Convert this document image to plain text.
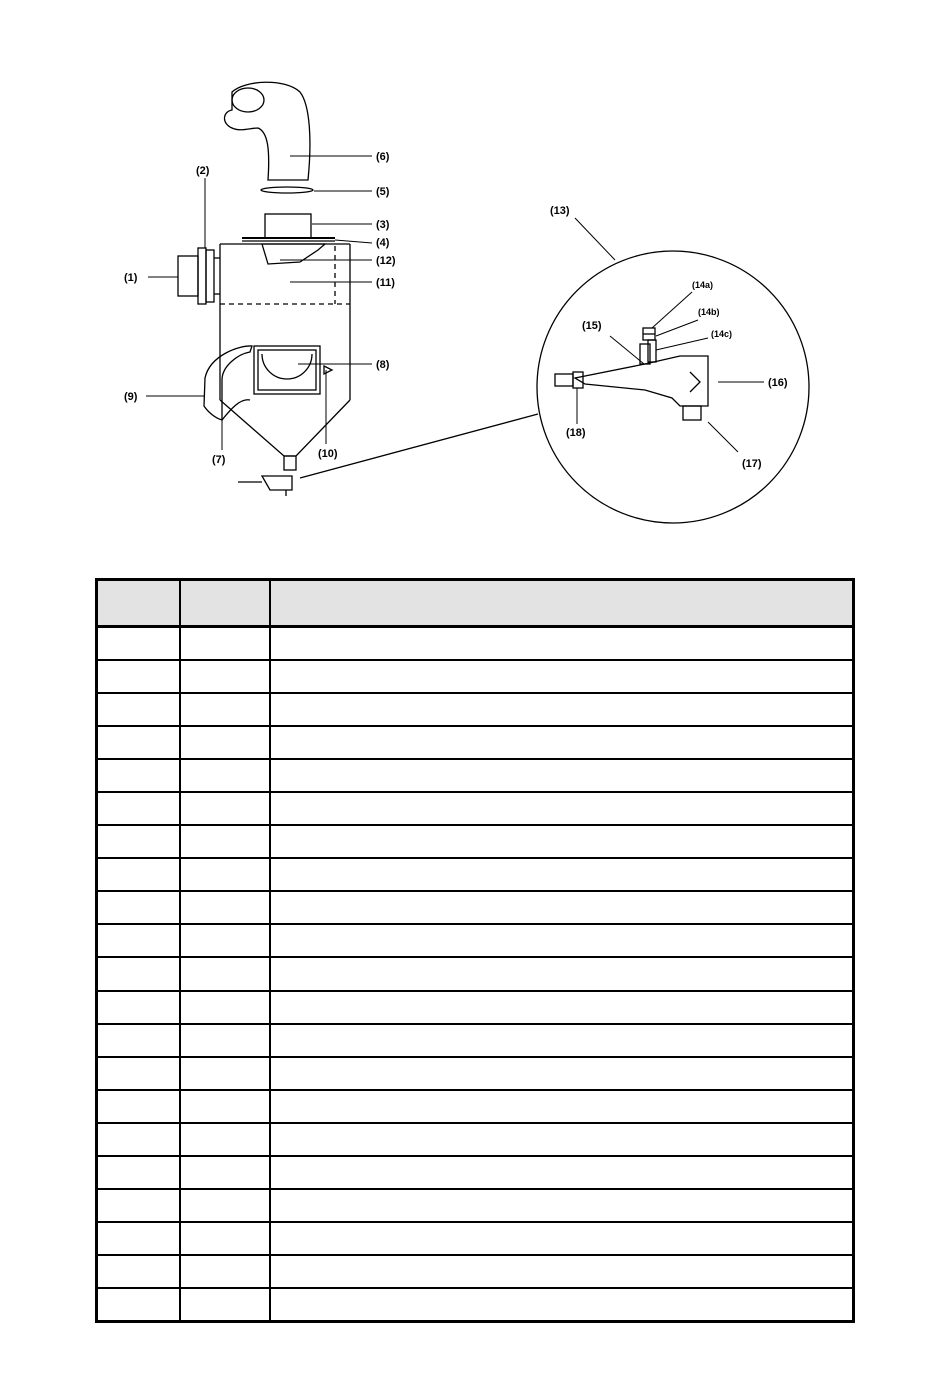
(1)
(2)
(3)
(4)
(5)
(6)
(7)
(8)
(9)
(10)
(11)
(12)
(13)
(14a)
(14b)
(14c)
(15)
(16)
(17)
(18)
